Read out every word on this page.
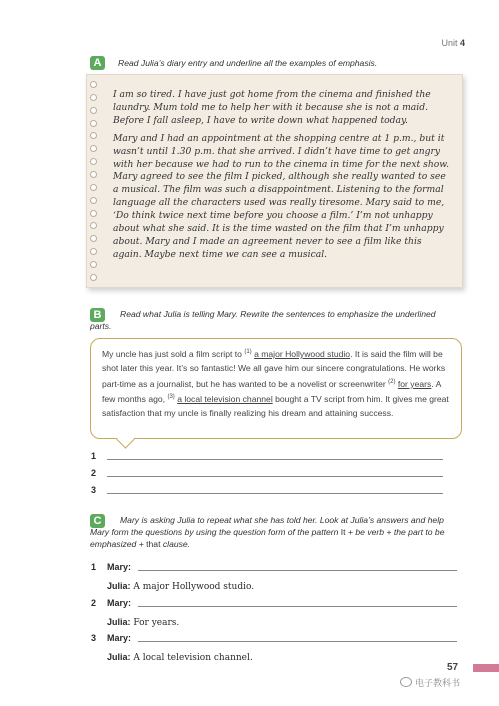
Unit 4
A	Read Julia’s diary entry and underline all the examples of emphasis.

I am so tired. I have just got home from the cinema and finished the laundry. Mum told me to help her with it because she is not a maid. Before I fall asleep, I have to write down what happened today.

Mary and I had an appointment at the shopping centre at 1 p.m., but it wasn’t until 1.30 p.m. that she arrived. I didn’t have time to get angry with her because we had to run to the cinema in time for the next show. Mary agreed to see the film I picked, although she really wanted to see a musical. The film was such a disappointment. Listening to the formal language all the characters used was really tiresome. Mary said to me, ‘Do think twice next time before you choose a film.’ I’m not unhappy about what she said. It is the time wasted on the film that I’m unhappy about. Mary and I made an agreement never to see a film like this again. Maybe next time we can see a musical.

B	Read what Julia is telling Mary. Rewrite the sentences to emphasize the underlined parts.
My uncle has just sold a film script to $^{(1)}$ a major Hollywood studio. It is said the film will be shot later this year. It’s so fantastic! We all gave him our sincere congratulations. He works part-time as a journalist, but he has wanted to be a novelist or screenwriter $^{(2)}$ for years. A few months ago, $^{(3)}$ a local television channel bought a TV script from him. It gives me great satisfaction that my uncle is finally realizing his dream and attaining success.
1
2
3
C	Mary is asking Julia to repeat what she has told her. Look at Julia’s answers and help Mary form the questions by using the question form of the pattern It + be verb + the part to be emphasized + that clause.
1 Mary:
Julia: A major Hollywood studio.
2 Mary:
Julia: For years.
3 Mary:
Julia: A local television channel.
57
电子教科书
